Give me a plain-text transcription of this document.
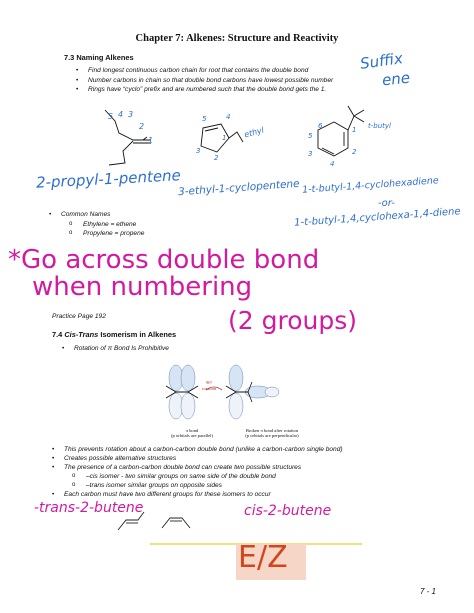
Chapter 7: Alkenes: Structure and Reactivity
7.3 Naming Alkenes
• Find longest continuous carbon chain for root that contains the double bond
• Number carbons in chain so that double bond carbons have lowest possible number
• Rings have “cyclo” prefix and are numbered such that the double bond gets the 1.
Suffix
ene
5 4 3
2
1
5	4
1
3
2
ethyl	6
5
3
4
1
2
t-butyl
2-propyl-1-pentene
3-ethyl-1-cyclopentene 1-t-butyl-1,4-cyclohexadiene
-or-
1-t-butyl-1,4,cyclohexa-1,4-diene
• Common Names
o Ethylene = ethene
o Propylene = propene
*Go across double bond
when numbering
(2 groups)
Practice Page 192
7.4 Cis-Trans Isomerism in Alkenes
• Rotation of π Bond Is Prohibitive
90°
rotation
π bond
(p orbitals are parallel)
Broken π bond after rotation
(p orbitals are perpendicular)
• This prevents rotation about a carbon-carbon double bond (unlike a carbon-carbon single bond)
• Creates possible alternative structures
• The presence of a carbon-carbon double bond can create two possible structures
o –cis isomer - two similar groups on same side of the double bond
o –trans isomer similar groups on opposite sides
• Each carbon must have two different groups for these isomers to occur
-trans-2-butene	cis-2-butene
E/Z
7 - 1
